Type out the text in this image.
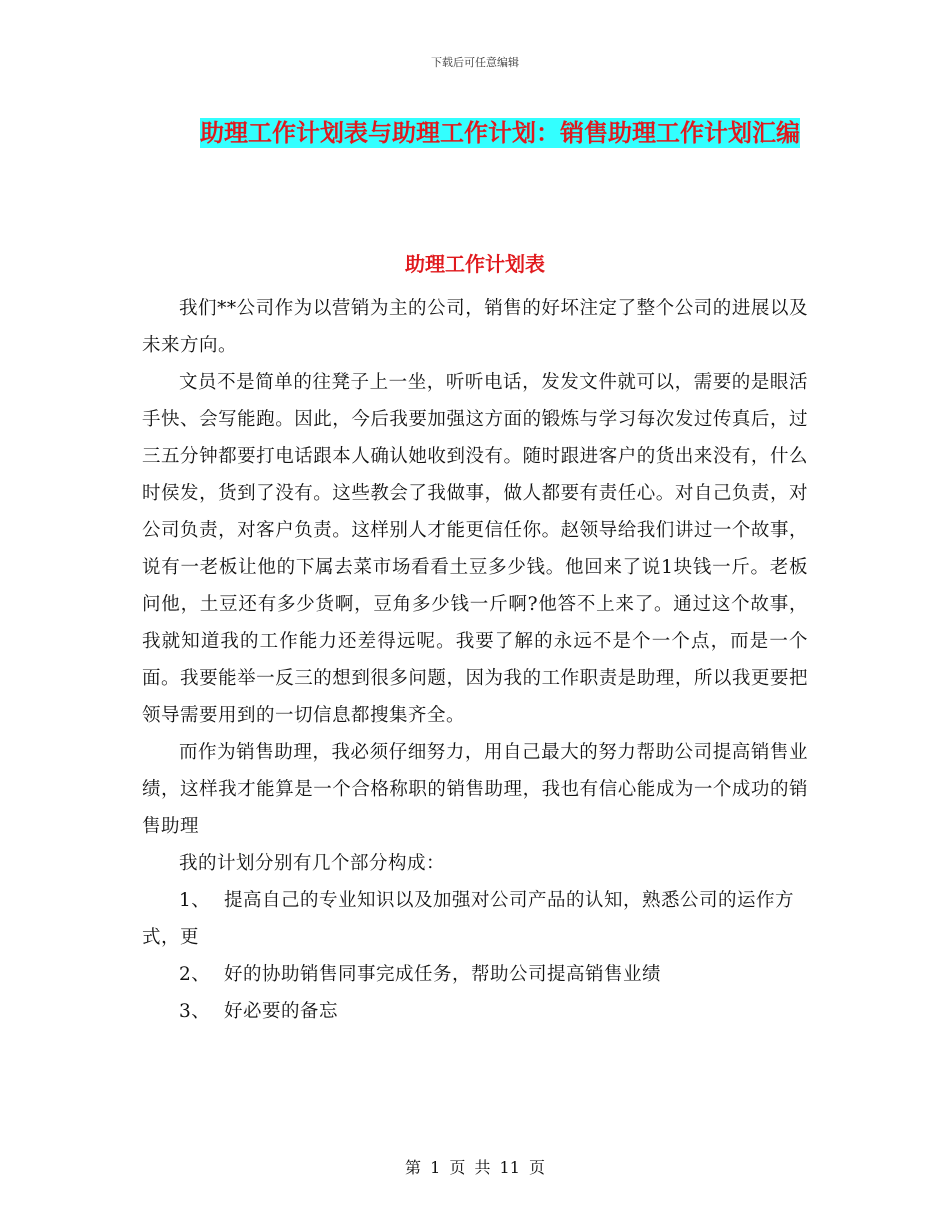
下载后可任意编辑
助理工作计划表与助理工作计划：销售助理工作计划汇编
助理工作计划表

我们**公司作为以营销为主的公司，销售的好坏注定了整个公司的进展以及未来方向。

文员不是简单的往凳子上一坐，听听电话，发发文件就可以，需要的是眼活手快、会写能跑。因此，今后我要加强这方面的锻炼与学习每次发过传真后，过三五分钟都要打电话跟本人确认她收到没有。随时跟进客户的货出来没有，什么时侯发，货到了没有。这些教会了我做事，做人都要有责任心。对自己负责，对公司负责，对客户负责。这样别人才能更信任你。赵领导给我们讲过一个故事，说有一老板让他的下属去菜市场看看土豆多少钱。他回来了说1块钱一斤。老板问他，土豆还有多少货啊，豆角多少钱一斤啊?他答不上来了。通过这个故事，我就知道我的工作能力还差得远呢。我要了解的永远不是个一个点，而是一个面。我要能举一反三的想到很多问题，因为我的工作职责是助理，所以我更要把领导需要用到的一切信息都搜集齐全。

而作为销售助理，我必须仔细努力，用自己最大的努力帮助公司提高销售业绩，这样我才能算是一个合格称职的销售助理，我也有信心能成为一个成功的销售助理

我的计划分别有几个部分构成：

1、 提高自己的专业知识以及加强对公司产品的认知，熟悉公司的运作方式，更

2、 好的协助销售同事完成任务，帮助公司提高销售业绩

3、 好必要的备忘

第 1 页 共 11 页
